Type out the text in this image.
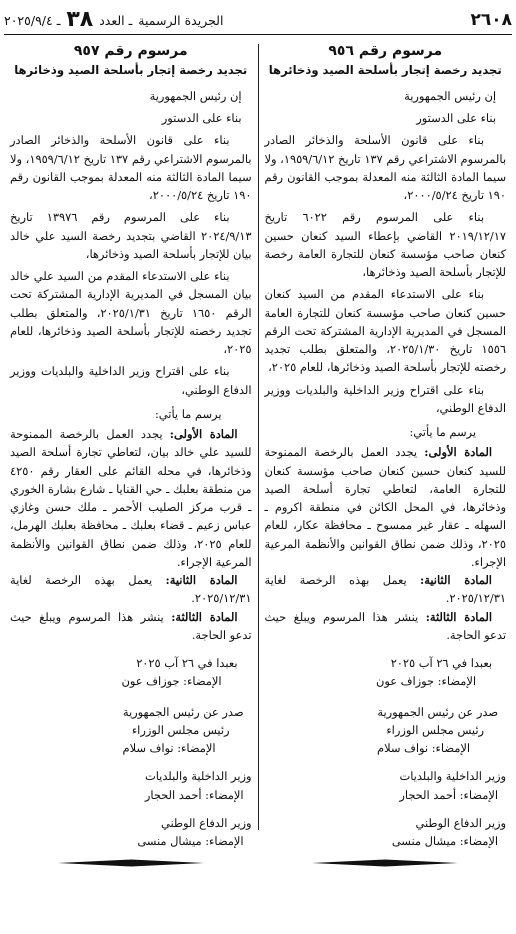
٢٦٠٨
الجريدة الرسمية
ـ العدد
٣٨
ـ ٢٠٢٥/٩/٤
مرسوم رقم ٩٥٦
تجديد رخصة إتجار بأسلحة الصيد وذخائرها

إن رئيس الجمهورية

بناء على الدستور

بناء على قانون الأسلحة والذخائر الصادر بالمرسوم الاشتراعي رقم ١٣٧ تاريخ ١٩٥٩/٦/١٢، ولا سيما المادة الثالثة منه المعدلة بموجب القانون رقم ١٩٠ تاريخ ٢٠٠٠/٥/٢٤،

بناء على المرسوم رقم ٦٠٢٢ تاريخ ٢٠١٩/١٢/١٧ القاضي بإعطاء السيد كنعان حسين كنعان صاحب مؤسسة كنعان للتجارة العامة رخصة للإتجار بأسلحة الصيد وذخائرها،

بناء على الاستدعاء المقدم من السيد كنعان حسين كنعان صاحب مؤسسة كنعان للتجارة العامة المسجل في المديرية الإدارية المشتركة تحت الرقم ١٥٥٦ تاريخ ٢٠٢٥/١/٣٠، والمتعلق بطلب تجديد رخصته للإتجار بأسلحة الصيد وذخائرها، للعام ٢٠٢٥،

بناء على اقتراح وزير الداخلية والبلديات ووزير الدفاع الوطني،

يرسم ما يأتي:

المادة الأولى: يجدد العمل بالرخصة الممنوحة للسيد كنعان حسين كنعان صاحب مؤسسة كنعان للتجارة العامة، لتعاطي تجارة أسلحة الصيد وذخائرها، في المحل الكائن في منطقة اكروم ـ السهله ـ عقار غير ممسوح ـ محافظة عكار، للعام ٢٠٢٥، وذلك ضمن نطاق القوانين والأنظمة المرعية الإجراء.

المادة الثانية: يعمل بهذه الرخصة لغاية ٢٠٢٥/١٢/٣١.

المادة الثالثة: ينشر هذا المرسوم ويبلغ حيث تدعو الحاجة.

بعبدا في ٢٦ آب ٢٠٢٥

الإمضاء: جوزاف عون

صدر عن رئيس الجمهورية

رئيس مجلس الوزراء

الإمضاء: نواف سلام

وزير الداخلية والبلديات

الإمضاء: أحمد الحجار

وزير الدفاع الوطني

الإمضاء: ميشال منسى

مرسوم رقم ٩٥٧
تجديد رخصة إتجار بأسلحة الصيد وذخائرها

إن رئيس الجمهورية

بناء على الدستور

بناء على قانون الأسلحة والذخائر الصادر بالمرسوم الاشتراعي رقم ١٣٧ تاريخ ١٩٥٩/٦/١٢، ولا سيما المادة الثالثة منه المعدلة بموجب القانون رقم ١٩٠ تاريخ ٢٠٠٠/٥/٢٤،

بناء على المرسوم رقم ١٣٩٧٦ تاريخ ٢٠٢٤/٩/١٣ القاضي بتجديد رخصة السيد علي خالد بيان للإتجار بأسلحة الصيد وذخائرها،

بناء على الاستدعاء المقدم من السيد علي خالد بيان المسجل في المديرية الإدارية المشتركة تحت الرقم ١٦٥٠ تاريخ ٢٠٢٥/١/٣١، والمتعلق بطلب تجديد رخصته للإتجار بأسلحة الصيد وذخائرها، للعام ٢٠٢٥،

بناء على اقتراح وزير الداخلية والبلديات ووزير الدفاع الوطني،

يرسم ما يأتي:

المادة الأولى: يجدد العمل بالرخصة الممنوحة للسيد علي خالد بيان، لتعاطي تجارة أسلحة الصيد وذخائرها، في محله القائم على العقار رقم ٤٢٥٠ من منطقة بعلبك ـ حي القنايا ـ شارع بشارة الخوري ـ قرب مركز الصليب الأحمر ـ ملك حسن وغازي عباس زعيم ـ قضاء بعلبك ـ محافظة بعلبك الهرمل، للعام ٢٠٢٥، وذلك ضمن نطاق القوانين والأنظمة المرعية الإجراء.

المادة الثانية: يعمل بهذه الرخصة لغاية ٢٠٢٥/١٢/٣١.

المادة الثالثة: ينشر هذا المرسوم ويبلغ حيث تدعو الحاجة.

بعبدا في ٢٦ آب ٢٠٢٥

الإمضاء: جوزاف عون

صدر عن رئيس الجمهورية

رئيس مجلس الوزراء

الإمضاء: نواف سلام

وزير الداخلية والبلديات

الإمضاء: أحمد الحجار

وزير الدفاع الوطني

الإمضاء: ميشال منسى
